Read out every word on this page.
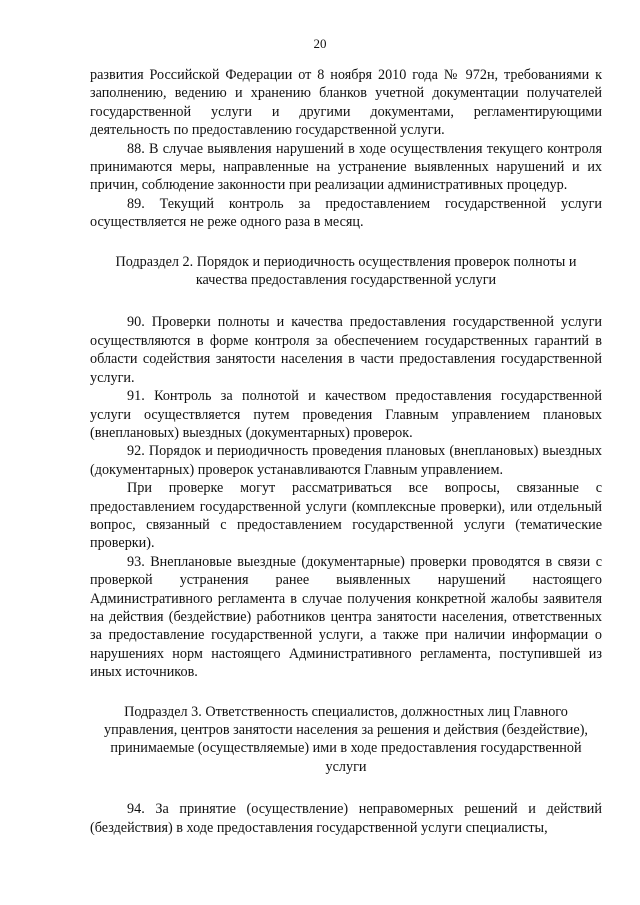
20

развития Российской Федерации от 8 ноября 2010 года № 972н, требованиями к заполнению, ведению и хранению бланков учетной документации получателей государственной услуги и другими документами, регламентирующими деятельность по предоставлению государственной услуги.

88. В случае выявления нарушений в ходе осуществления текущего контроля принимаются меры, направленные на устранение выявленных нарушений и их причин, соблюдение законности при реализации административных процедур.

89. Текущий контроль за предоставлением государственной услуги осуществляется не реже одного раза в месяц.

Подраздел 2. Порядок и периодичность осуществления проверок полноты и качества предоставления государственной услуги

90. Проверки полноты и качества предоставления государственной услуги осуществляются в форме контроля за обеспечением государственных гарантий в области содействия занятости населения в части предоставления государственной услуги.

91. Контроль за полнотой и качеством предоставления государственной услуги осуществляется путем проведения Главным управлением плановых (внеплановых) выездных (документарных) проверок.

92. Порядок и периодичность проведения плановых (внеплановых) выездных (документарных) проверок устанавливаются Главным управлением.

При проверке могут рассматриваться все вопросы, связанные с предоставлением государственной услуги (комплексные проверки), или отдельный вопрос, связанный с предоставлением государственной услуги (тематические проверки).

93. Внеплановые выездные (документарные) проверки проводятся в связи с проверкой устранения ранее выявленных нарушений настоящего Административного регламента в случае получения конкретной жалобы заявителя на действия (бездействие) работников центра занятости населения, ответственных за предоставление государственной услуги, а также при наличии информации о нарушениях норм настоящего Административного регламента, поступившей из иных источников.

Подраздел 3. Ответственность специалистов, должностных лиц Главного управления, центров занятости населения за решения и действия (бездействие), принимаемые (осуществляемые) ими в ходе предоставления государственной услуги

94. За принятие (осуществление) неправомерных решений и действий (бездействия) в ходе предоставления государственной услуги специалисты,
